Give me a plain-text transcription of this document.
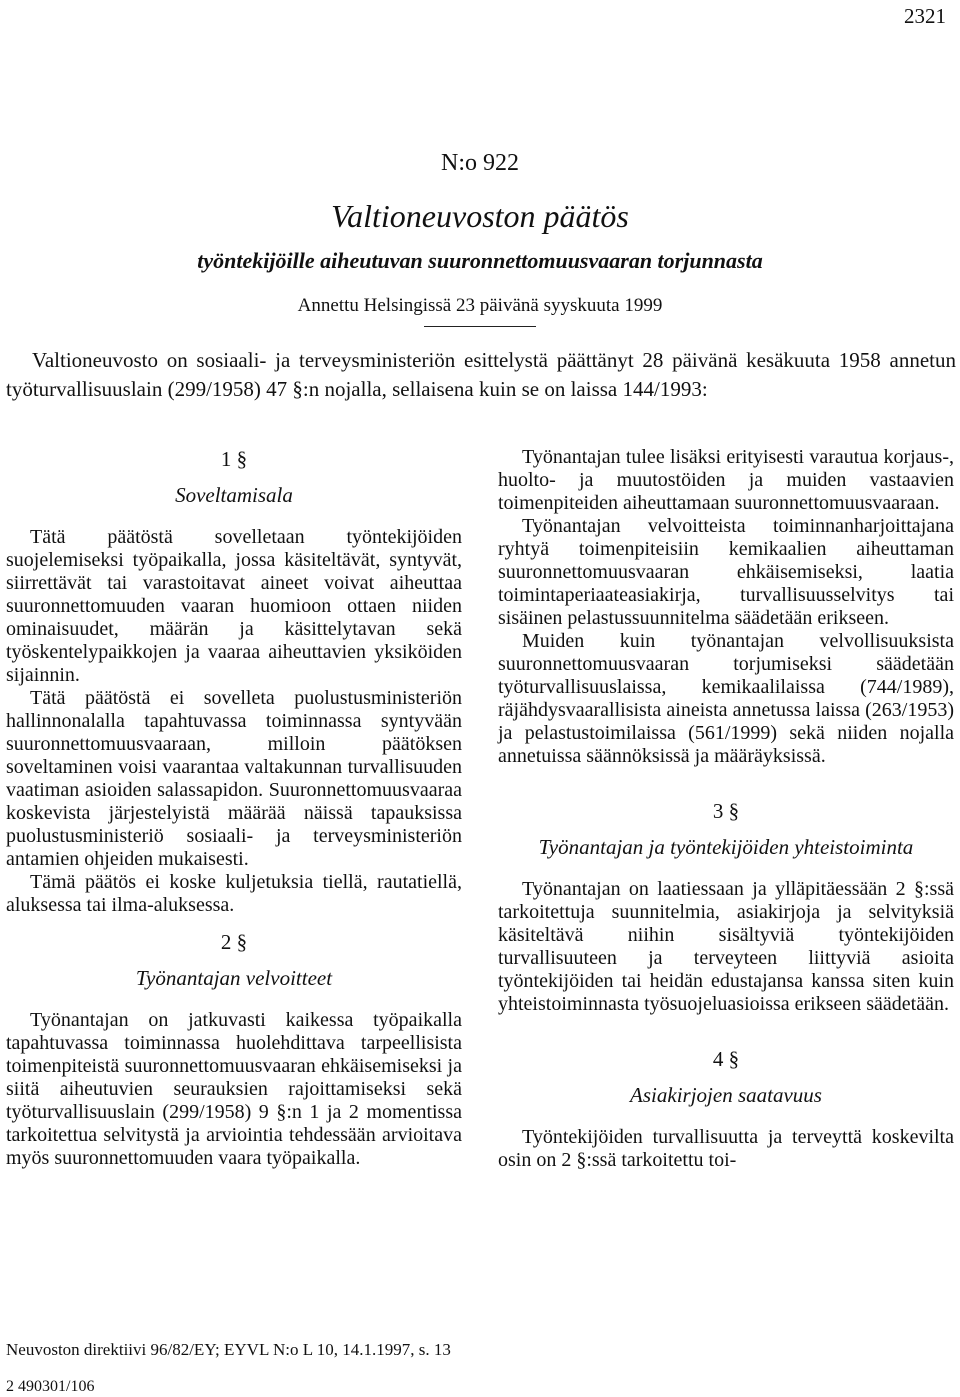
2321
N:o 922
Valtioneuvoston päätös
työntekijöille aiheutuvan suuronnettomuusvaaran torjunnasta
Annettu Helsingissä 23 päivänä syyskuuta 1999

Valtioneuvosto on sosiaali- ja terveysministeriön esittelystä päättänyt 28 päivänä kesäkuuta 1958 annetun työturvallisuuslain (299/1958) 47 §:n nojalla, sellaisena kuin se on laissa 144/1993:

1 §
Soveltamisala

Tätä päätöstä sovelletaan työntekijöiden suojelemiseksi työpaikalla, jossa käsiteltävät, syntyvät, siirrettävät tai varastoitavat aineet voivat aiheuttaa suuronnettomuuden vaaran huomioon ottaen niiden ominaisuudet, määrän ja käsittelytavan sekä työskentelypaikkojen ja vaaraa aiheuttavien yksiköiden sijainnin.

Tätä päätöstä ei sovelleta puolustusministeriön hallinnonalalla tapahtuvassa toiminnassa syntyvään suuronnettomuusvaaraan, milloin päätöksen soveltaminen voisi vaarantaa valtakunnan turvallisuuden vaatiman asioiden salassapidon. Suuronnettomuusvaaraa koskevista järjestelyistä määrää näissä tapauksissa puolustusministeriö sosiaali- ja terveysministeriön antamien ohjeiden mukaisesti.

Tämä päätös ei koske kuljetuksia tiellä, rautatiellä, aluksessa tai ilma-aluksessa.

2 §
Työnantajan velvoitteet

Työnantajan on jatkuvasti kaikessa työpaikalla tapahtuvassa toiminnassa huolehdittava tarpeellisista toimenpiteistä suuronnettomuusvaaran ehkäisemiseksi ja siitä aiheutuvien seurauksien rajoittamiseksi sekä työturvallisuuslain (299/1958) 9 §:n 1 ja 2 momentissa tarkoitettua selvitystä ja arviointia tehdessään arvioitava myös suuronnettomuuden vaara työpaikalla.

Työnantajan tulee lisäksi erityisesti varautua korjaus-, huolto- ja muutostöiden ja muiden vastaavien toimenpiteiden aiheuttamaan suuronnettomuusvaaraan.

Työnantajan velvoitteista toiminnanharjoittajana ryhtyä toimenpiteisiin kemikaalien aiheuttaman suuronnettomuusvaaran ehkäisemiseksi, laatia toimintaperiaateasiakirja, turvallisuusselvitys tai sisäinen pelastussuunnitelma säädetään erikseen.

Muiden kuin työnantajan velvollisuuksista suuronnettomuusvaaran torjumiseksi säädetään työturvallisuuslaissa, kemikaalilaissa (744/1989), räjähdysvaarallisista aineista annetussa laissa (263/1953) ja pelastustoimilaissa (561/1999) sekä niiden nojalla annetuissa säännöksissä ja määräyksissä.

3 §
Työnantajan ja työntekijöiden yhteistoiminta

Työnantajan on laatiessaan ja ylläpitäessään 2 §:ssä tarkoitettuja suunnitelmia, asiakirjoja ja selvityksiä käsiteltävä niihin sisältyviä työntekijöiden turvallisuuteen ja terveyteen liittyviä asioita työntekijöiden tai heidän edustajansa kanssa siten kuin yhteistoiminnasta työsuojeluasioissa erikseen säädetään.

4 §
Asiakirjojen saatavuus

Työntekijöiden turvallisuutta ja terveyttä koskevilta osin on 2 §:ssä tarkoitettu toi-

Neuvoston direktiivi 96/82/EY; EYVL N:o L 10, 14.1.1997, s. 13
2 490301/106
